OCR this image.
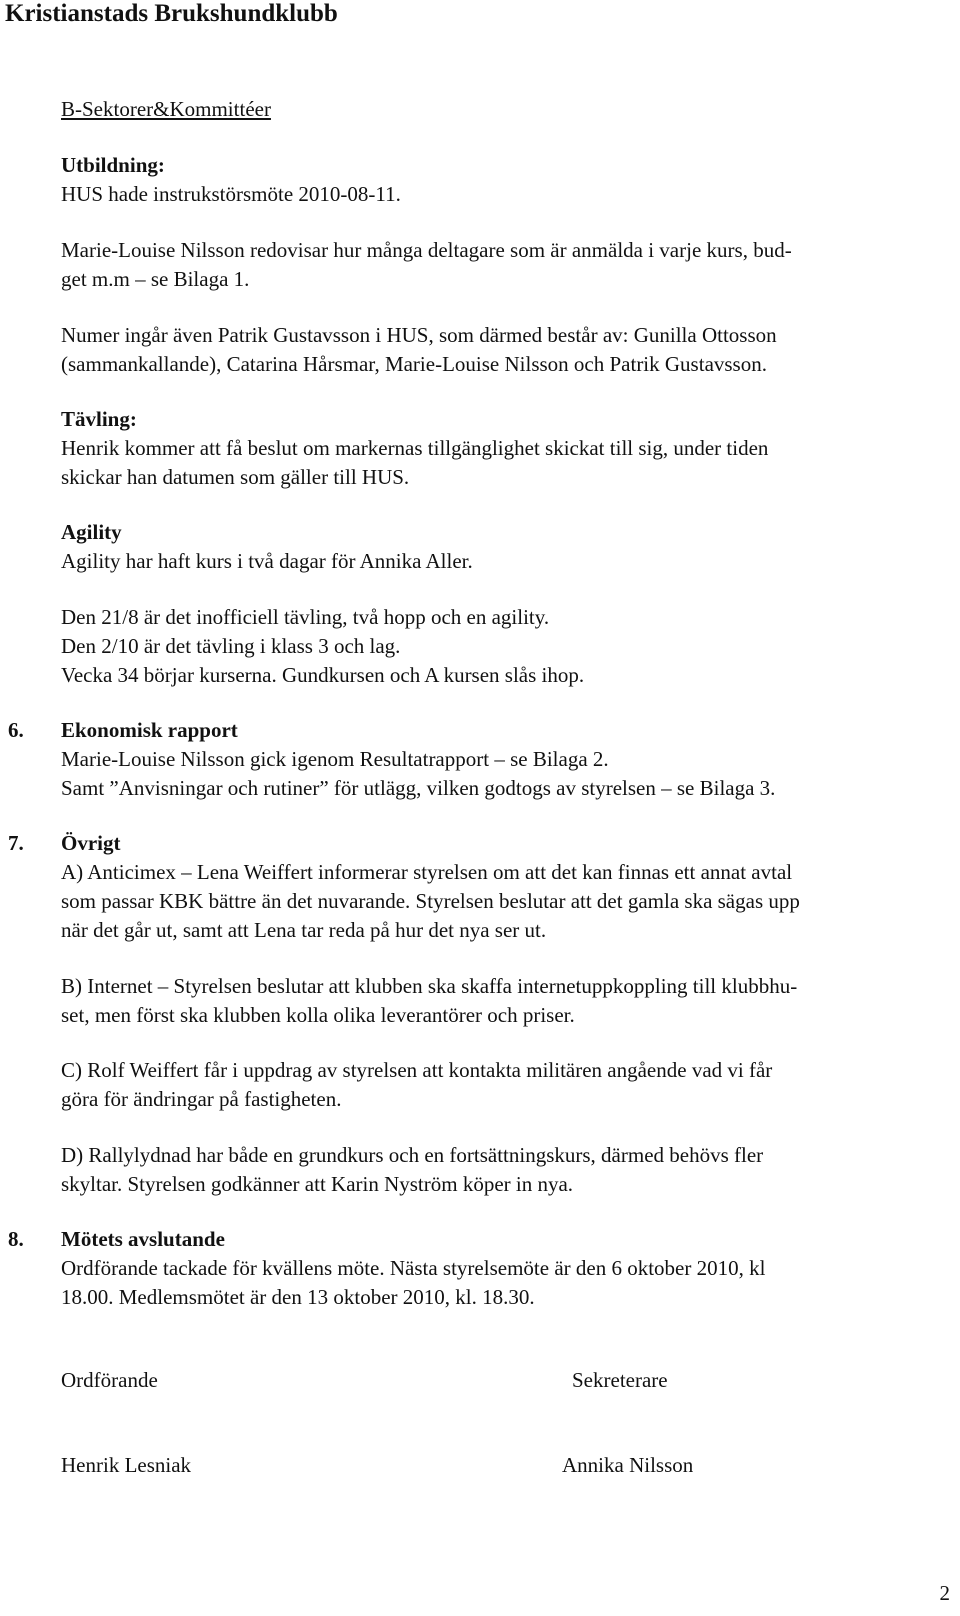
Kristianstads Brukshundklubb
B-Sektorer&Kommittéer
Utbildning:
HUS hade instrukstörsmöte 2010-08-11.
Marie-Louise Nilsson redovisar hur många deltagare som är anmälda i varje kurs, bud-
get m.m – se Bilaga 1.
Numer ingår även Patrik Gustavsson i HUS, som därmed består av: Gunilla Ottosson
(sammankallande), Catarina Hårsmar, Marie-Louise Nilsson och Patrik Gustavsson.
Tävling:
Henrik kommer att få beslut om markernas tillgänglighet skickat till sig, under tiden
skickar han datumen som gäller till HUS.
Agility
Agility har haft kurs i två dagar för Annika Aller.
Den 21/8 är det inofficiell tävling, två hopp och en agility.
Den 2/10 är det tävling i klass 3 och lag.
Vecka 34 börjar kurserna. Gundkursen och A kursen slås ihop.
6. Ekonomisk rapport
Marie-Louise Nilsson gick igenom Resultatrapport – se Bilaga 2.
Samt ”Anvisningar och rutiner” för utlägg, vilken godtogs av styrelsen – se Bilaga 3.
7. Övrigt
A) Anticimex – Lena Weiffert informerar styrelsen om att det kan finnas ett annat avtal
som passar KBK bättre än det nuvarande. Styrelsen beslutar att det gamla ska sägas upp
när det går ut, samt att Lena tar reda på hur det nya ser ut.
B) Internet – Styrelsen beslutar att klubben ska skaffa internetuppkoppling till klubbhu-
set, men först ska klubben kolla olika leverantörer och priser.
C) Rolf Weiffert får i uppdrag av styrelsen att kontakta militären angående vad vi får
göra för ändringar på fastigheten.
D) Rallylydnad har både en grundkurs och en fortsättningskurs, därmed behövs fler
skyltar. Styrelsen godkänner att Karin Nyström köper in nya.
8. Mötets avslutande
Ordförande tackade för kvällens möte. Nästa styrelsemöte är den 6 oktober 2010, kl
18.00. Medlemsmötet är den 13 oktober 2010, kl. 18.30.
Ordförande	Sekreterare
Henrik Lesniak	Annika Nilsson
2
